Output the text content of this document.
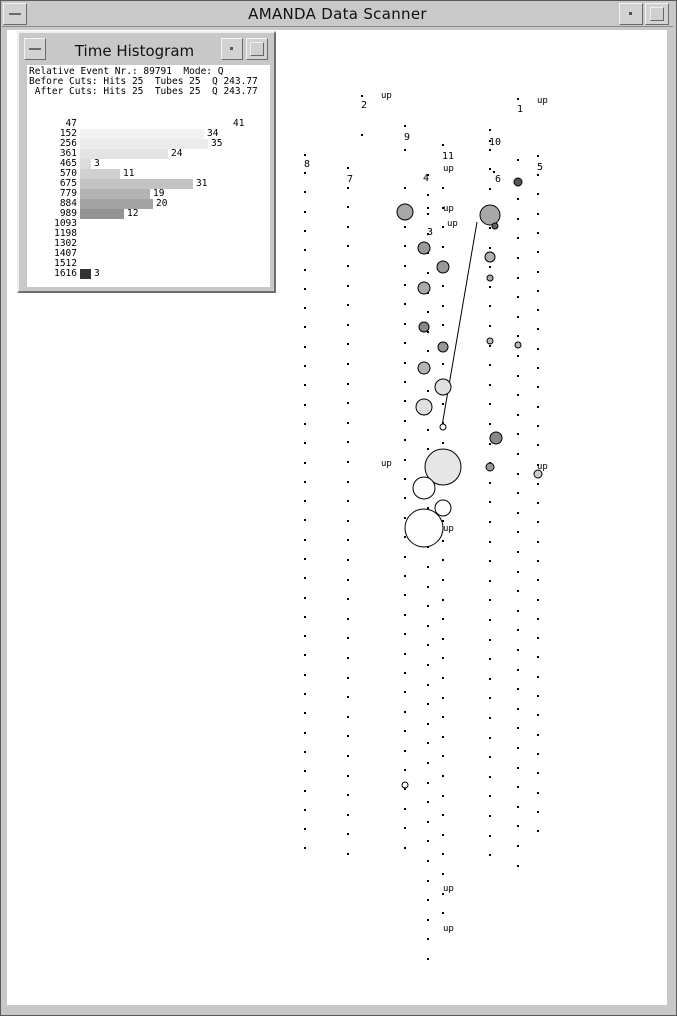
AMANDA Data Scanner
1
2
3
4
5
6
7
8
9	10
11
up	up
up
up
up
up	up
up
up
up
Time Histogram
Relative Event Nr.: 89791  Mode: Q
Before Cuts: Hits 25  Tubes 25  Q 243.77
After Cuts: Hits 25  Tubes 25  Q 243.77
47	41
152	34
256	35
361	24
465 3
570	11
675	31
779	19
884	20
989	12
1093
1198
1302
1407
1512
1616 3
